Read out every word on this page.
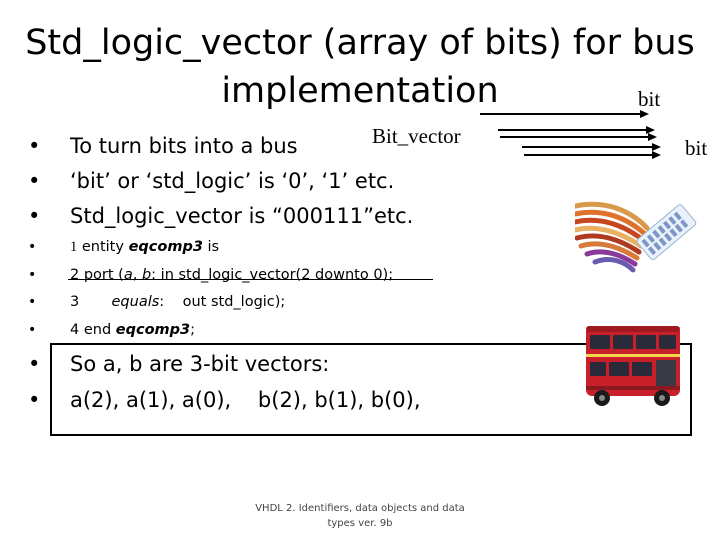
Std_logic_vector (array of bits) for bus
implementation	bit
Bit_vector	bit
• To turn bits into a bus
• ‘bit’ or ‘std_logic’ is ‘0’, ‘1’ etc.
• Std_logic_vector is “000111”etc.
• 1 entity eqcomp3 is
• 2 port (a, b: in std_logic_vector(2 downto 0);
• 3 equals:    out std_logic);
• 4 end eqcomp3;
• So a, b are 3-bit vectors:
• a(2), a(1), a(0),    b(2), b(1), b(0),
VHDL 2. Identifiers, data objects and data
types ver. 9b
